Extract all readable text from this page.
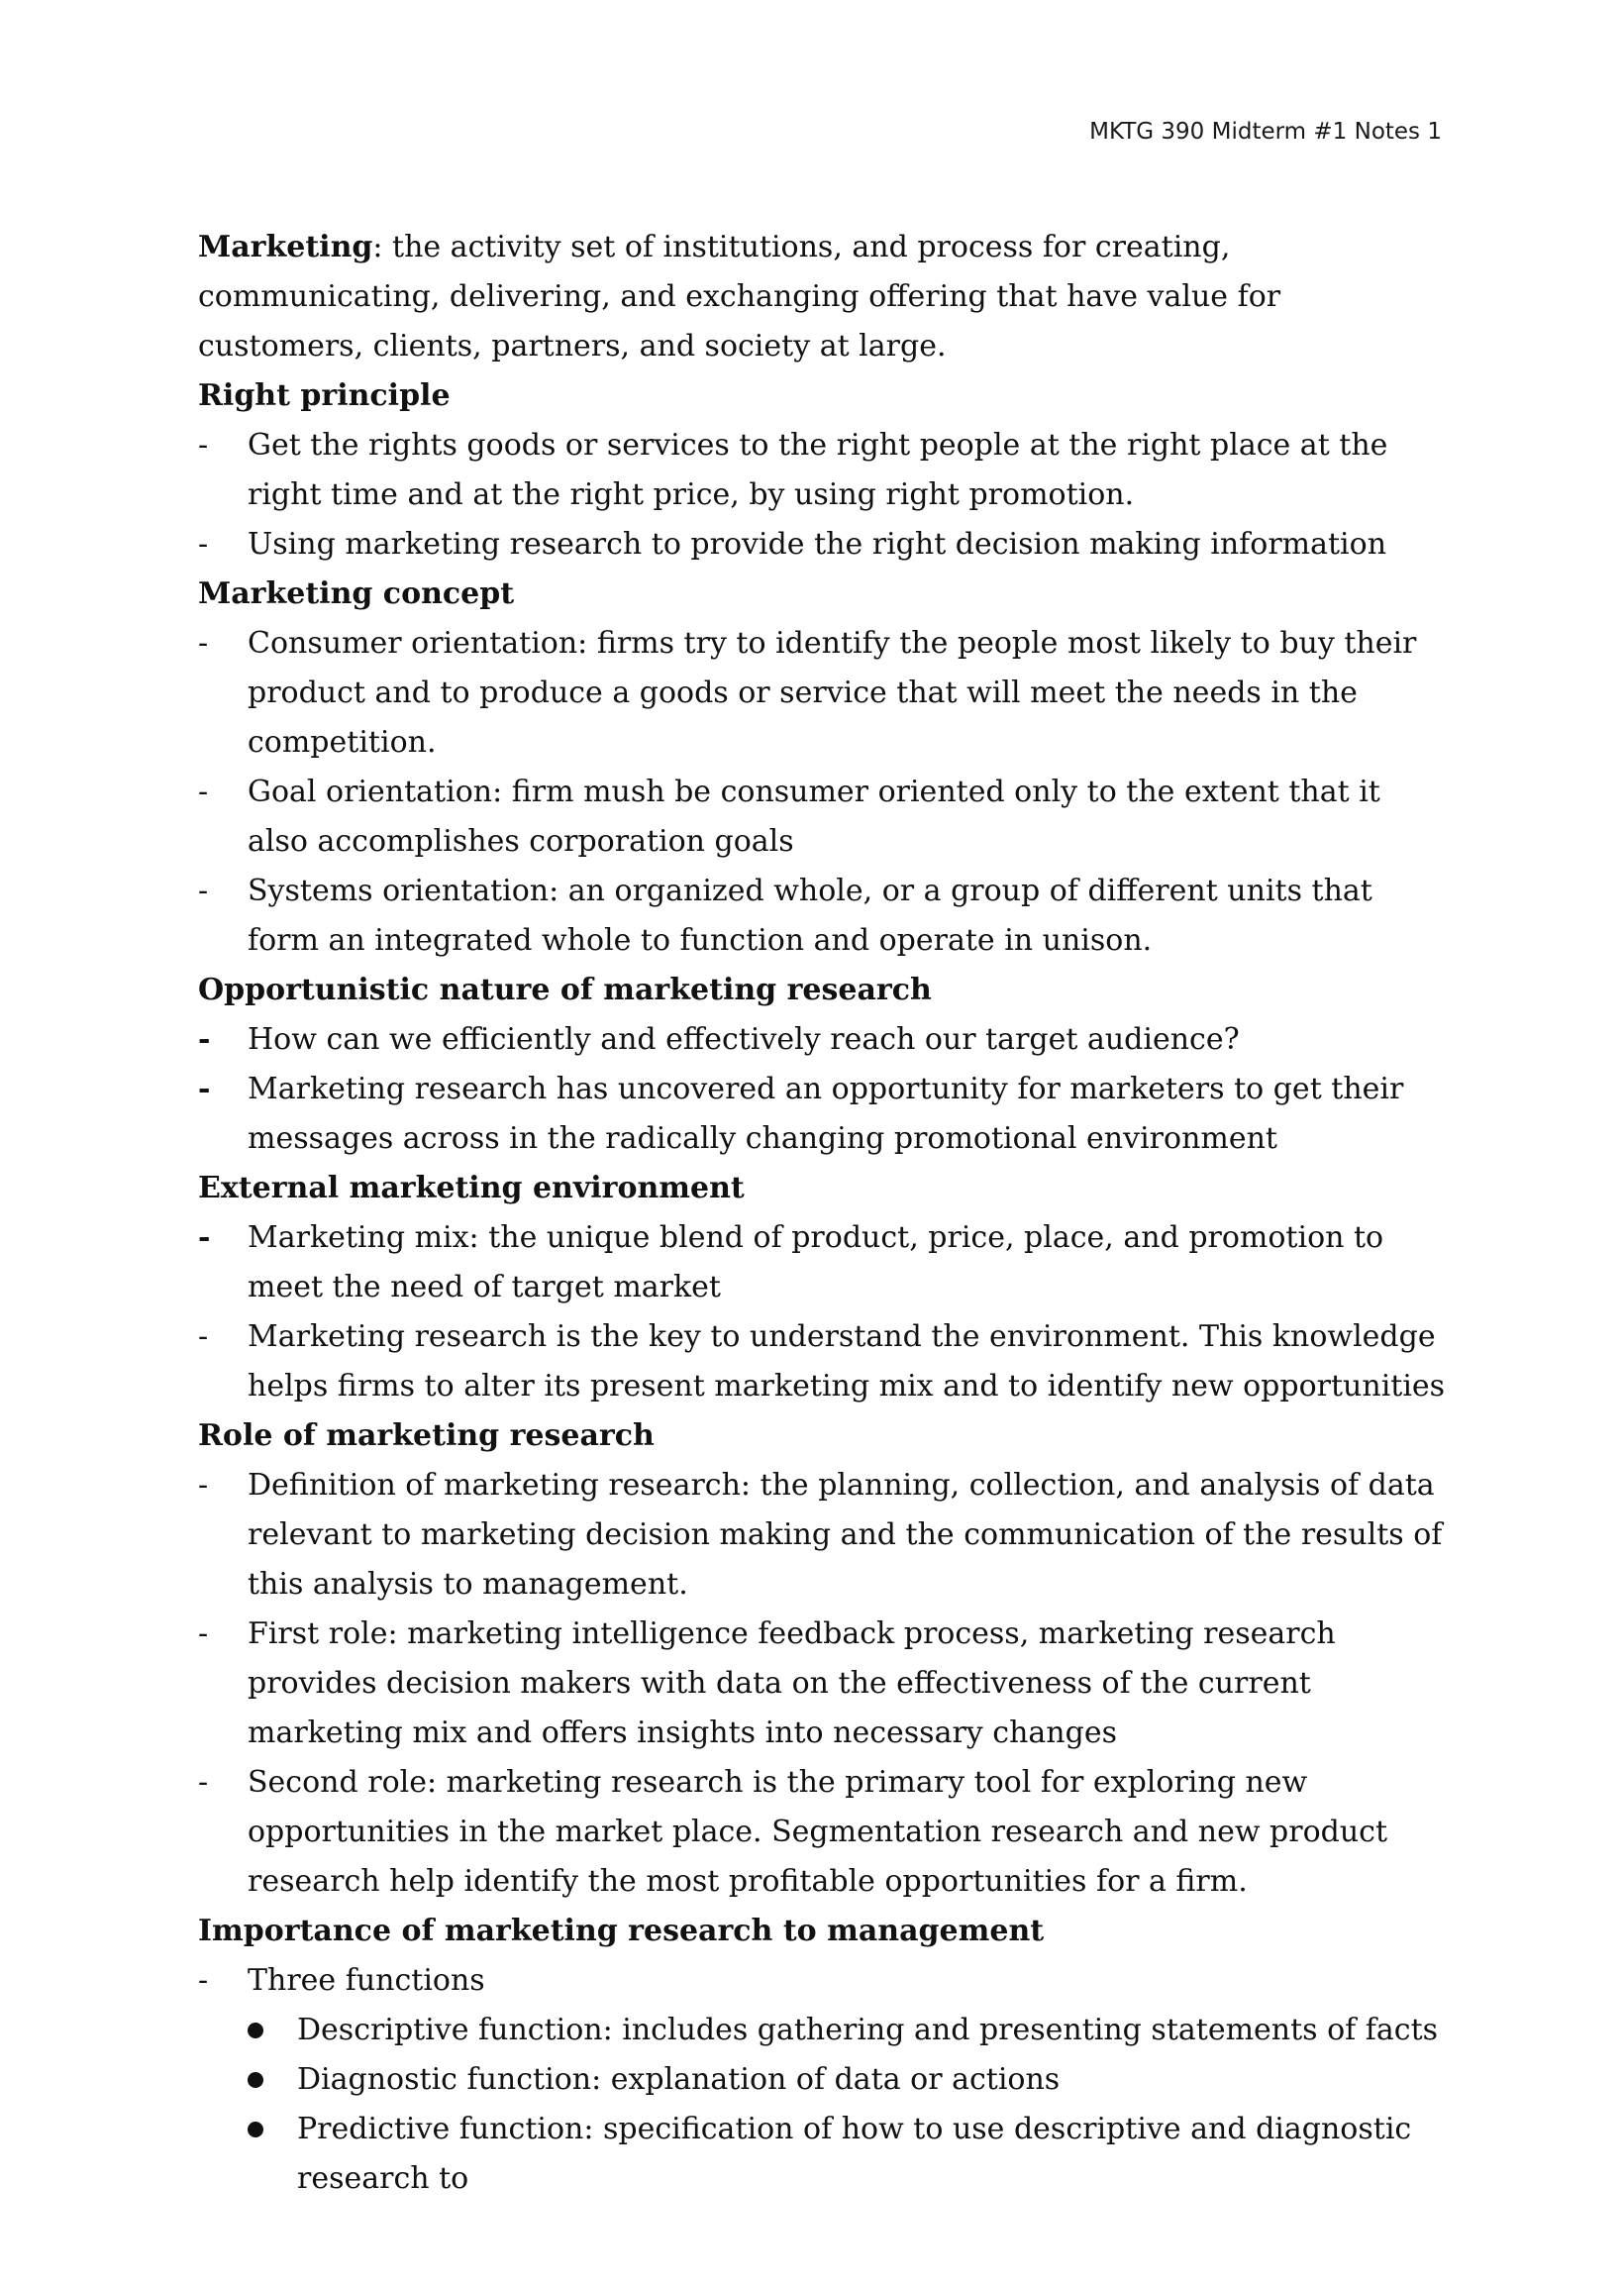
MKTG 390 Midterm #1 Notes 1

Marketing: the activity set of institutions, and process for creating, communicating, delivering, and exchanging offering that have value for customers, clients, partners, and society at large.

Right principle
-	Get the rights goods or services to the right people at the right place at the right time and at the right price, by using right promotion.
-	Using marketing research to provide the right decision making information
Marketing concept
-	Consumer orientation: firms try to identify the people most likely to buy their product and to produce a goods or service that will meet the needs in the competition.
-	Goal orientation: firm mush be consumer oriented only to the extent that it also accomplishes corporation goals
-	Systems orientation: an organized whole, or a group of different units that form an integrated whole to function and operate in unison.
Opportunistic nature of marketing research
-	How can we efficiently and effectively reach our target audience?
-	Marketing research has uncovered an opportunity for marketers to get their messages across in the radically changing promotional environment
External marketing environment
-	Marketing mix: the unique blend of product, price, place, and promotion to meet the need of target market
-	Marketing research is the key to understand the environment. This knowledge helps firms to alter its present marketing mix and to identify new opportunities
Role of marketing research
-	Definition of marketing research: the planning, collection, and analysis of data relevant to marketing decision making and the communication of the results of this analysis to management.
-	First role: marketing intelligence feedback process, marketing research provides decision makers with data on the effectiveness of the current marketing mix and offers insights into necessary changes
-	Second role: marketing research is the primary tool for exploring new opportunities in the market place. Segmentation research and new product research help identify the most profitable opportunities for a firm.
Importance of marketing research to management
-	Three functions
Descriptive function: includes gathering and presenting statements of facts
Diagnostic function: explanation of data or actions
Predictive function: specification of how to use descriptive and diagnostic research to
